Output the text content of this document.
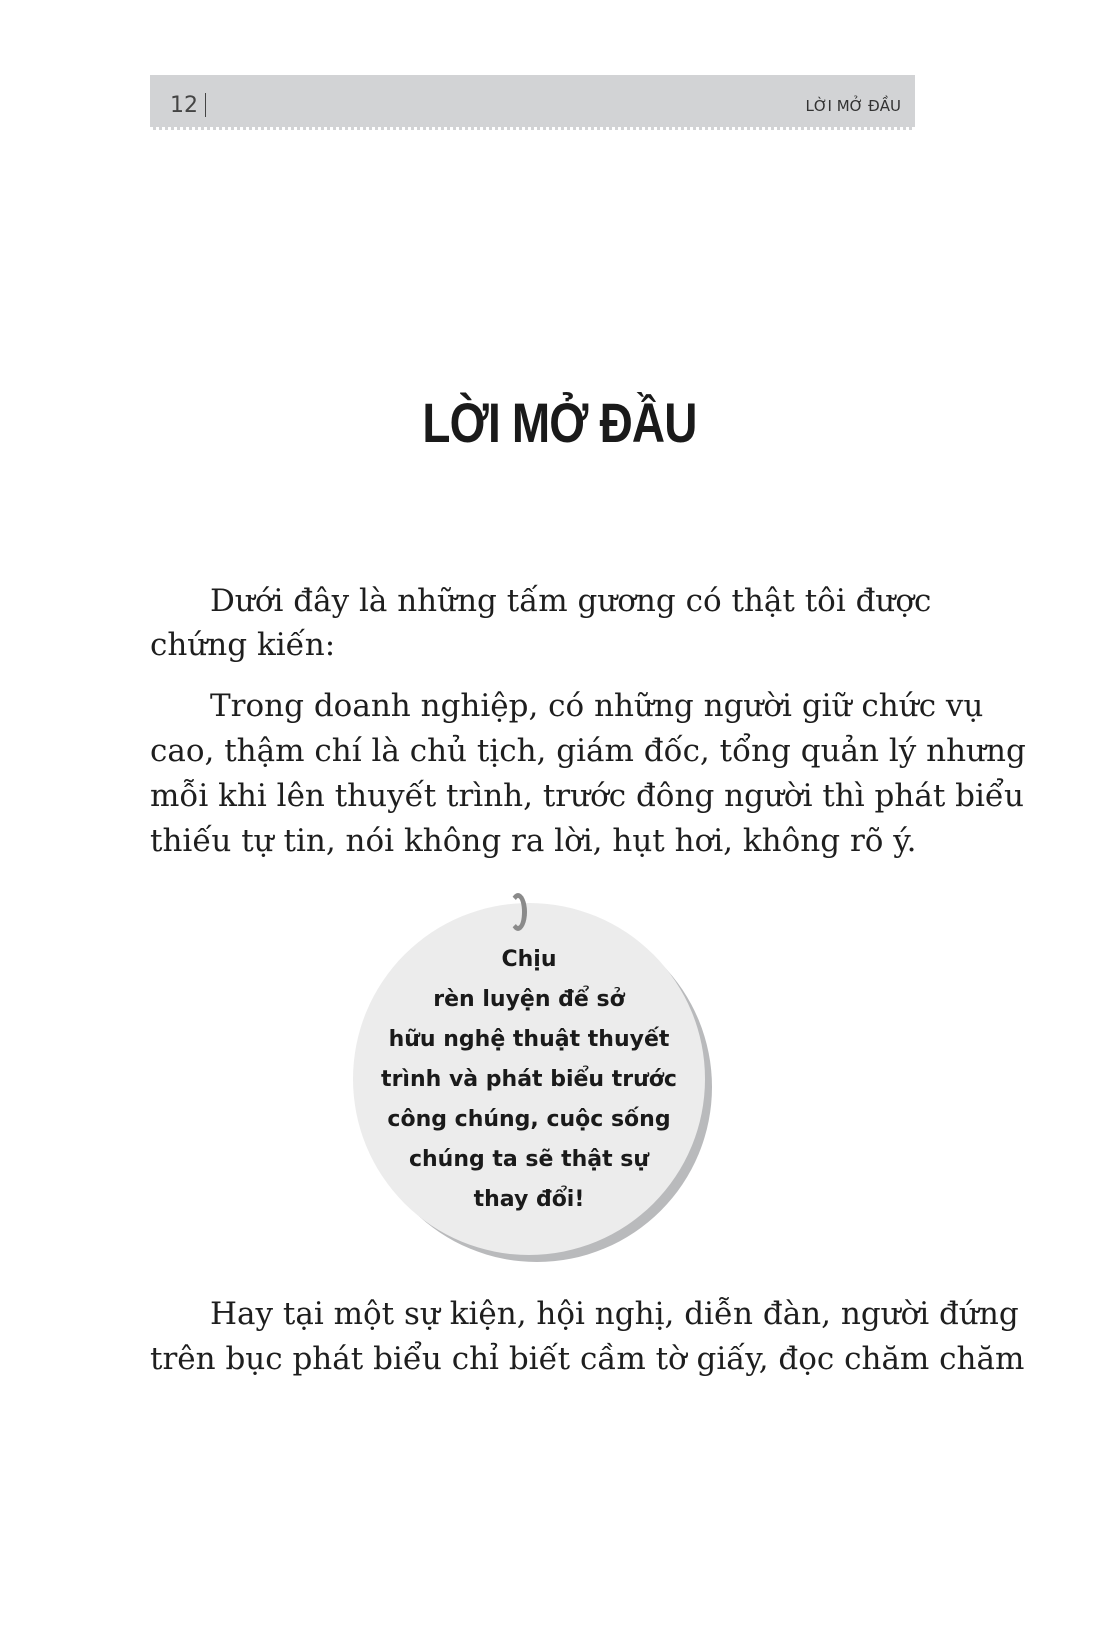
12	LỜI MỞ ĐẦU
LỜI MỞ ĐẦU
Dưới đây là những tấm gương có thật tôi được
chứng kiến:
Trong doanh nghiệp, có những người giữ chức vụ
cao, thậm chí là chủ tịch, giám đốc, tổng quản lý nhưng
mỗi khi lên thuyết trình, trước đông người thì phát biểu
thiếu tự tin, nói không ra lời, hụt hơi, không rõ ý.
Chịu
rèn luyện để sở
hữu nghệ thuật thuyết
trình và phát biểu trước
công chúng, cuộc sống
chúng ta sẽ thật sự
thay đổi!
Hay tại một sự kiện, hội nghị, diễn đàn, người đứng
trên bục phát biểu chỉ biết cầm tờ giấy, đọc chăm chăm
